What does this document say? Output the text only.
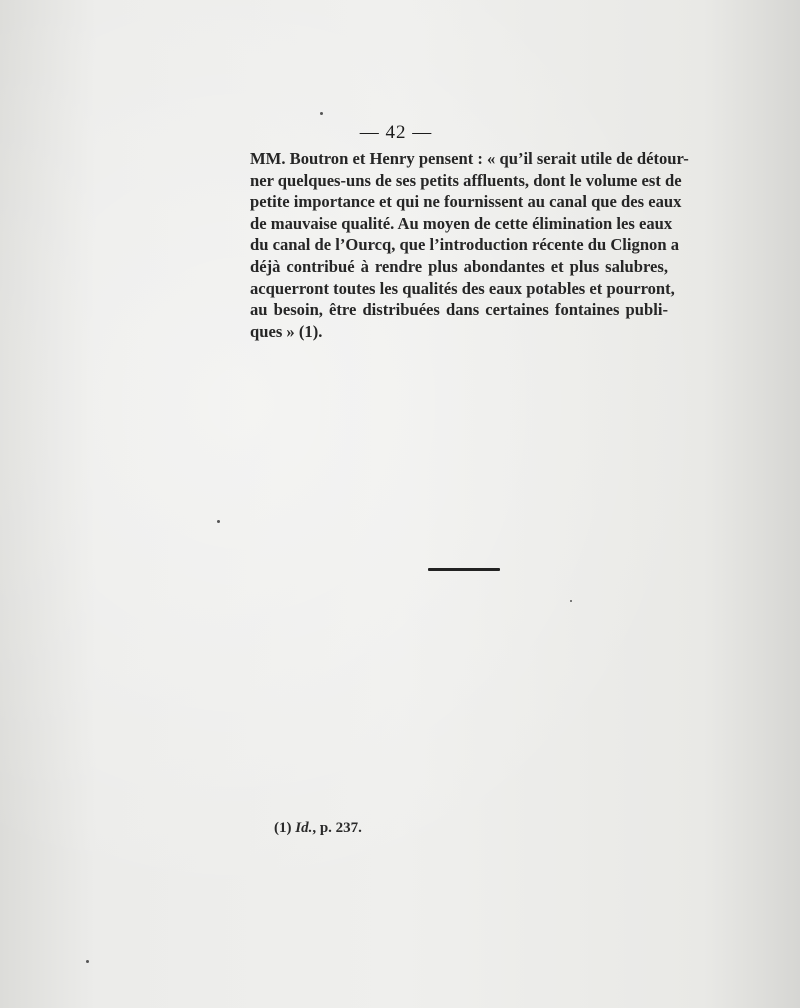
— 42 —
MM. Boutron et Henry pensent : « qu’il serait utile de détour-
ner quelques-uns de ses petits affluents, dont le volume est de
petite importance et qui ne fournissent au canal que des eaux
de mauvaise qualité. Au moyen de cette élimination les eaux
du canal de l’Ourcq, que l’introduction récente du Clignon a
déjà contribué à rendre plus abondantes et plus salubres,
acquerront toutes les qualités des eaux potables et pourront,
au besoin, être distribuées dans certaines fontaines publi-
ques » (1).
(1) Id., p. 237.
